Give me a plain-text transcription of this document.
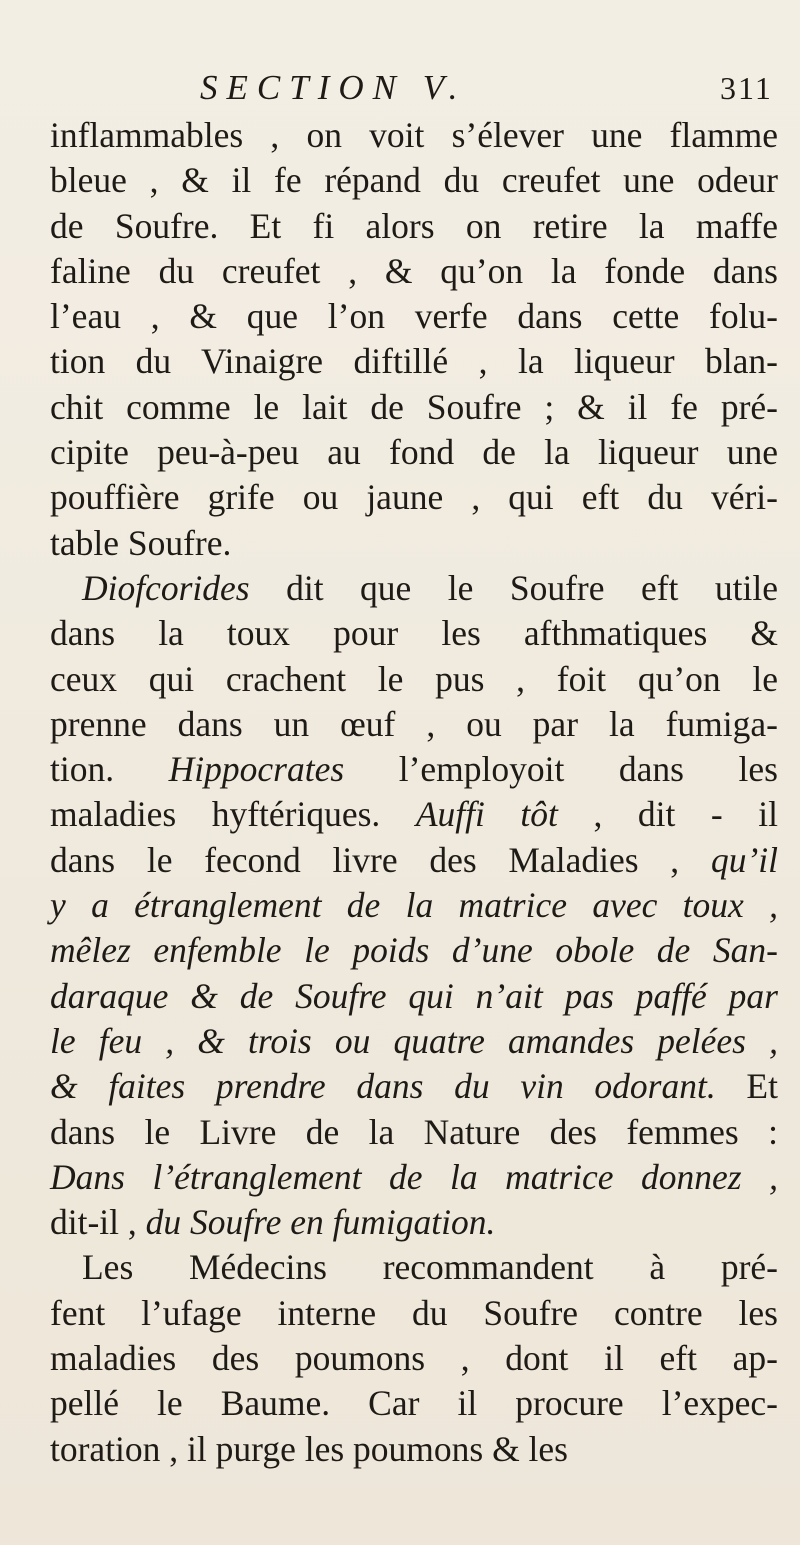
SECTION V.	311
inflammables , on voit s’élever une flamme
bleue , & il fe répand du creufet une odeur
de Soufre. Et fi alors on retire la maffe
faline du creufet , & qu’on la fonde dans
l’eau , & que l’on verfe dans cette folu-
tion du Vinaigre diftillé , la liqueur blan-
chit comme le lait de Soufre ; & il fe pré-
cipite peu-à-peu au fond de la liqueur une
pouffière grife ou jaune , qui eft du véri-
table Soufre.
Diofcorides dit que le Soufre eft utile
dans la toux pour les afthmatiques &
ceux qui crachent le pus , foit qu’on le
prenne dans un œuf , ou par la fumiga-
tion. Hippocrates l’employoit dans les
maladies hyftériques. Auffi tôt , dit - il
dans le fecond livre des Maladies , qu’il
y a étranglement de la matrice avec toux ,
mêlez enfemble le poids d’une obole de San-
daraque & de Soufre qui n’ait pas paffé par
le feu , & trois ou quatre amandes pelées ,
& faites prendre dans du vin odorant. Et
dans le Livre de la Nature des femmes :
Dans l’étranglement de la matrice donnez ,
dit-il , du Soufre en fumigation.
Les Médecins recommandent à pré-
fent l’ufage interne du Soufre contre les
maladies des poumons , dont il eft ap-
pellé le Baume. Car il procure l’expec-
toration , il purge les poumons & les
